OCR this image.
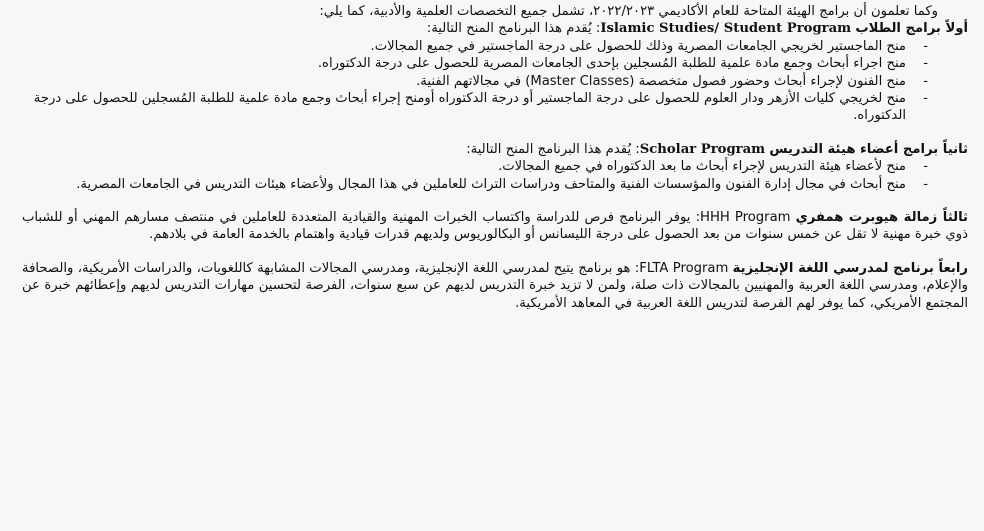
وكما تعلمون أن برامج الهيئة المتاحة للعام الأكاديمي ٢٠٢٢/٢٠٢٣، تشمل جميع التخصصات العلمية والأدبية، كما يلي:

أولاً برامج الطلاب Islamic Studies/ Student Program: يُقدم هذا البرنامج المنح التالية:

-
منح الماجستير لخريجي الجامعات المصرية وذلك للحصول على درجة الماجستير في جميع المجالات.
-
منح اجراء أبحاث وجمع مادة علمية للطلبة المُسجلين بإحدى الجامعات المصرية للحصول على درجة الدكتوراه.
-
منح الفنون لإجراء أبحاث وحضور فصول متخصصة (Master Classes) في مجالاتهم الفنية.
-
منح لخريجي كليات الأزهر ودار العلوم للحصول على درجة الماجستير أو درجة الدكتوراه أومنح إجراء أبحاث وجمع مادة علمية للطلبة المُسجلين للحصول على درجة الدكتوراه.

ثانياً برامج أعضاء هيئة التدريس Scholar Program: يُقدم هذا البرنامج المنح التالية:

-
منح لأعضاء هيئة التدريس لإجراء أبحاث ما بعد الدكتوراه في جميع المجالات.
-
منح أبحاث في مجال إدارة الفنون والمؤسسات الفنية والمتاحف ودراسات التراث للعاملين في هذا المجال ولأعضاء هيئات التدريس في الجامعات المصرية.

ثالثاً زمالة هيوبرت همفري HHH Program: يوفر البرنامج فرص للدراسة واكتساب الخبرات المهنية والقيادية المتعددة للعاملين في منتصف مسارهم المهني أو للشباب ذوي خبرة مهنية لا تقل عن خمس سنوات من بعد الحصول على درجة الليسانس أو البكالوريوس ولديهم قدرات قيادية واهتمام بالخدمة العامة في بلادهم.

رابعاً برنامج لمدرسي اللغة الإنجليزية FLTA Program: هو برنامج يتيح لمدرسي اللغة الإنجليزية، ومدرسي المجالات المشابهة كاللغويات، والدراسات الأمريكية، والصحافة والإعلام، ومدرسي اللغة العربية والمهنيين بالمجالات ذات صلة، ولمن لا تزيد خبرة التدريس لديهم عن سبع سنوات، الفرصة لتحسين مهارات التدريس لديهم وإعطائهم خبرة عن المجتمع الأمريكي، كما يوفر لهم الفرصة لتدريس اللغة العربية في المعاهد الأمريكية.
